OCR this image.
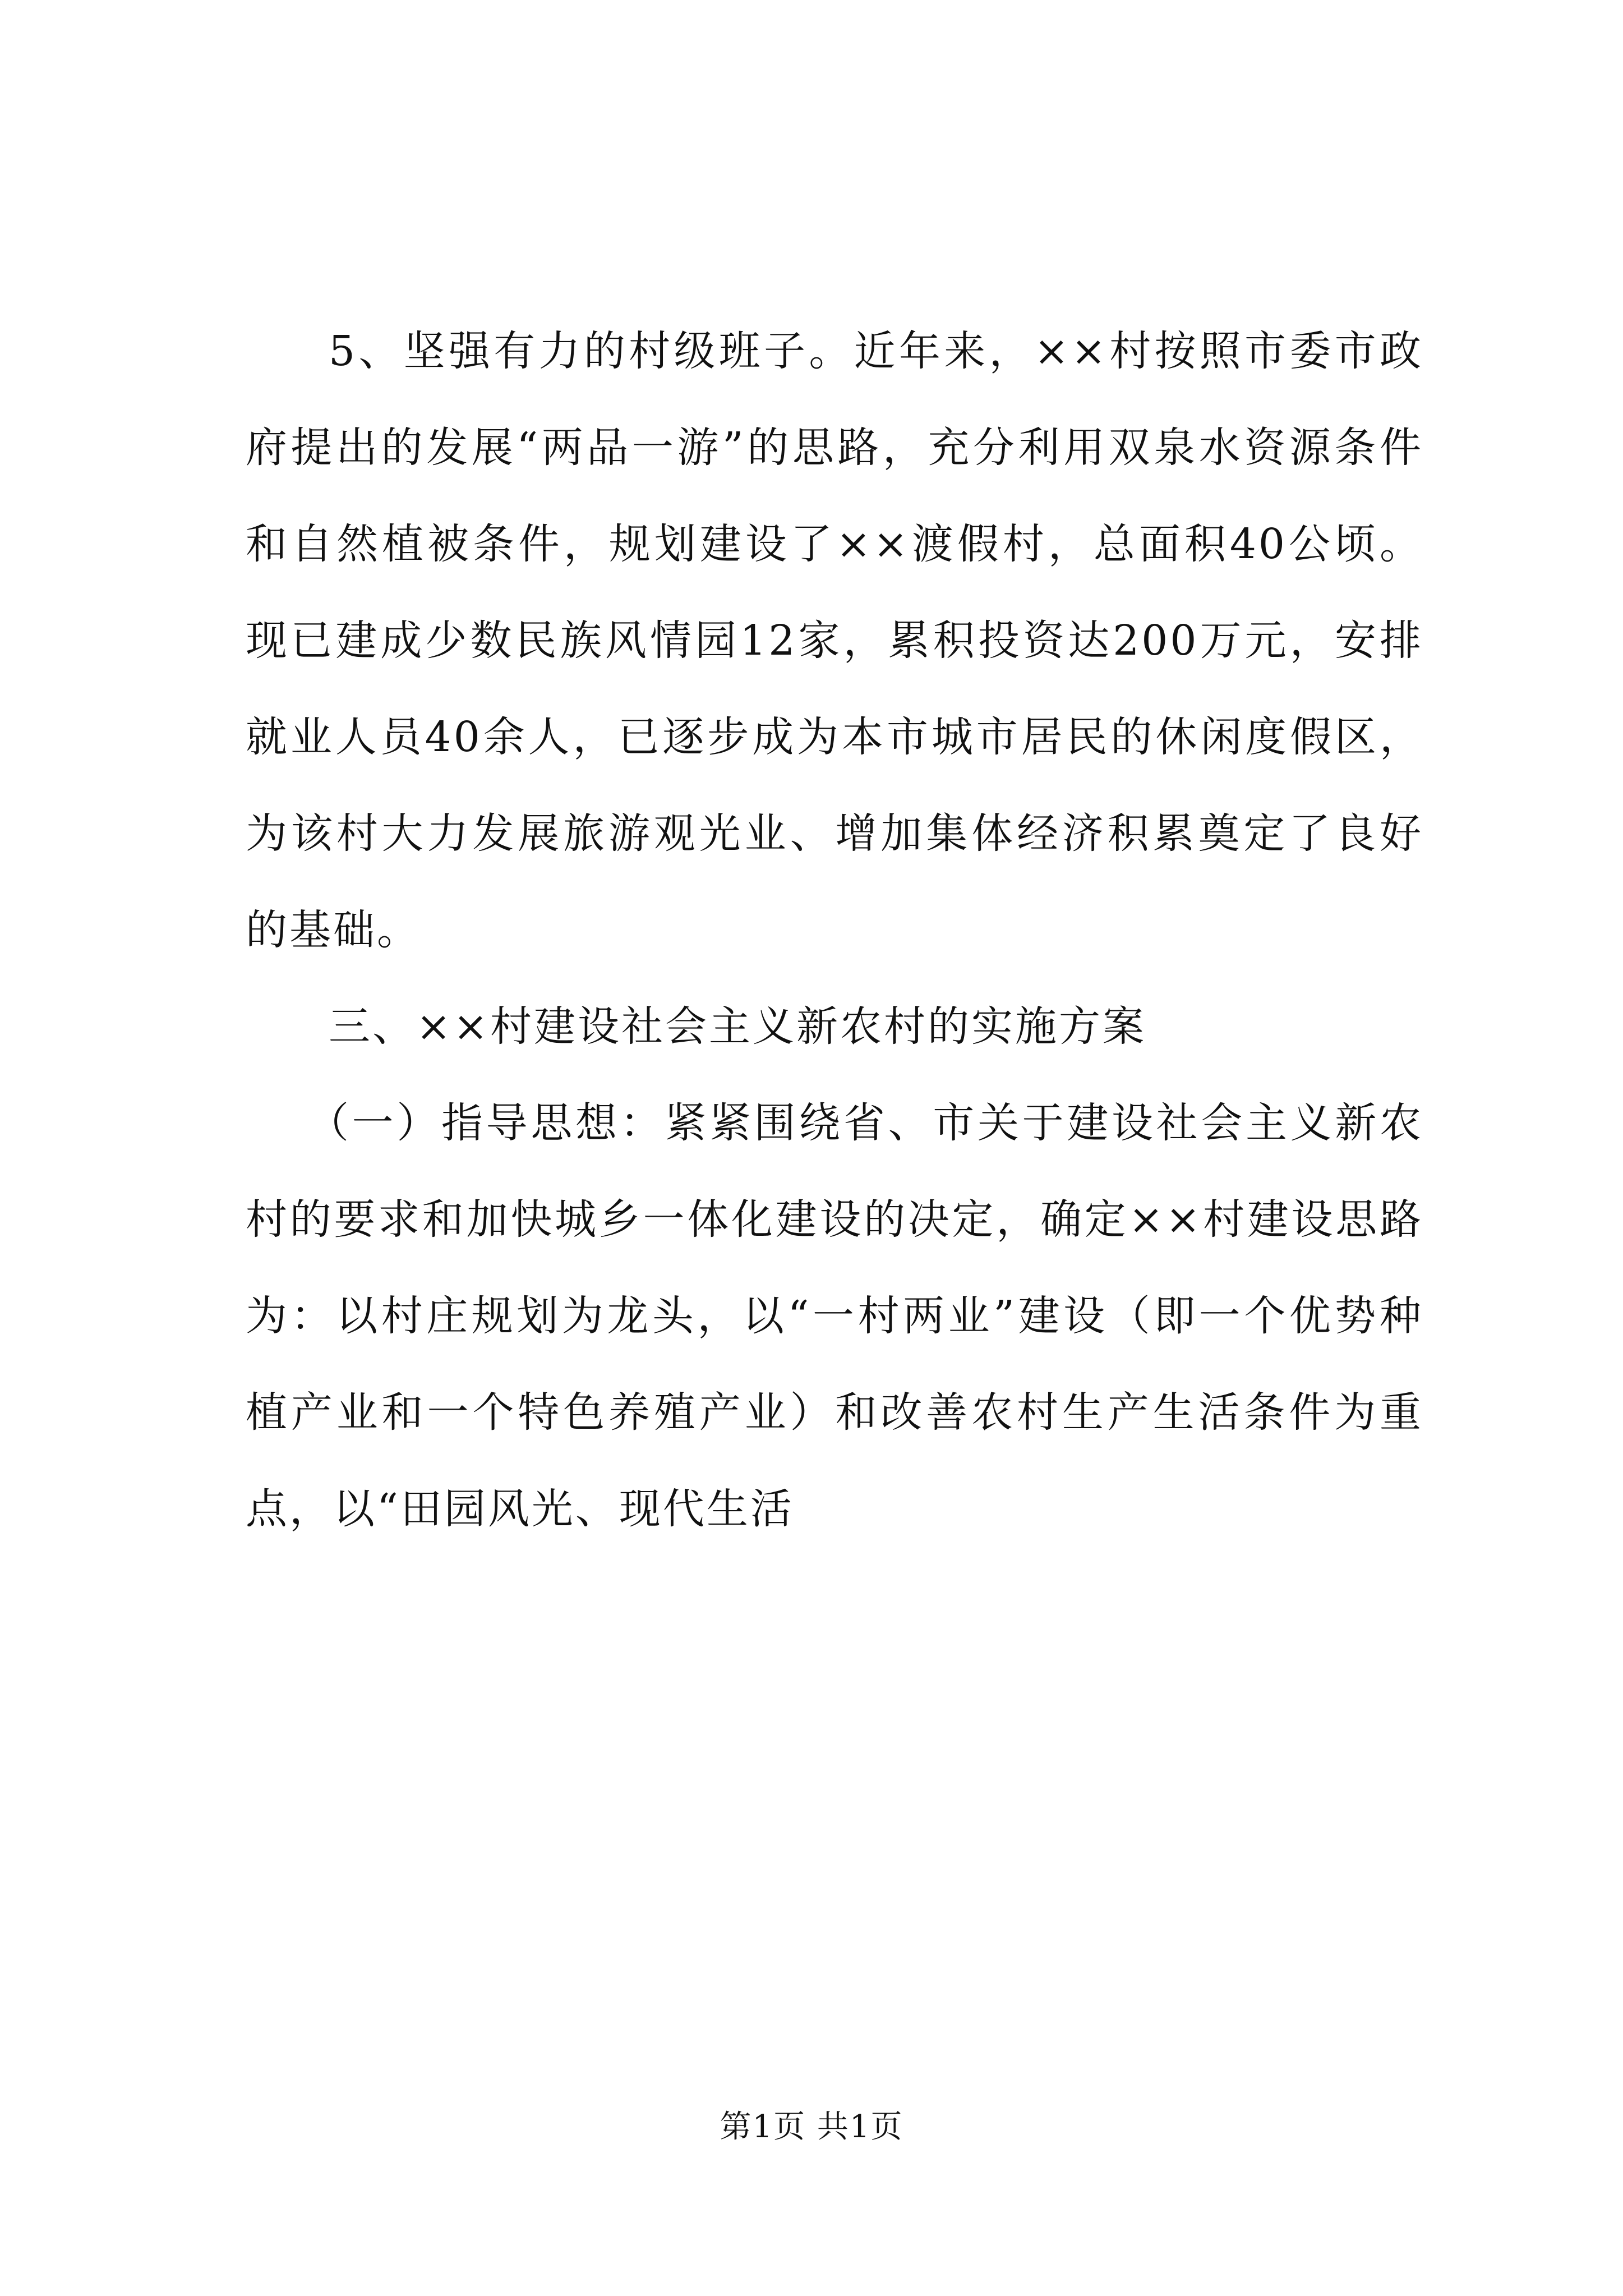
5、坚强有力的村级班子。近年来，××村按照市委市政府提出的发展“两品一游”的思路，充分利用双泉水资源条件和自然植被条件，规划建设了××渡假村，总面积40公顷。现已建成少数民族风情园12家，累积投资达200万元，安排就业人员40余人，已逐步成为本市城市居民的休闲度假区，为该村大力发展旅游观光业、增加集体经济积累奠定了良好的基础。

三、××村建设社会主义新农村的实施方案

（一）指导思想：紧紧围绕省、市关于建设社会主义新农村的要求和加快城乡一体化建设的决定，确定××村建设思路为：以村庄规划为龙头，以“一村两业”建设（即一个优势种植产业和一个特色养殖产业）和改善农村生产生活条件为重点，以“田园风光、现代生活

第1页 共1页
